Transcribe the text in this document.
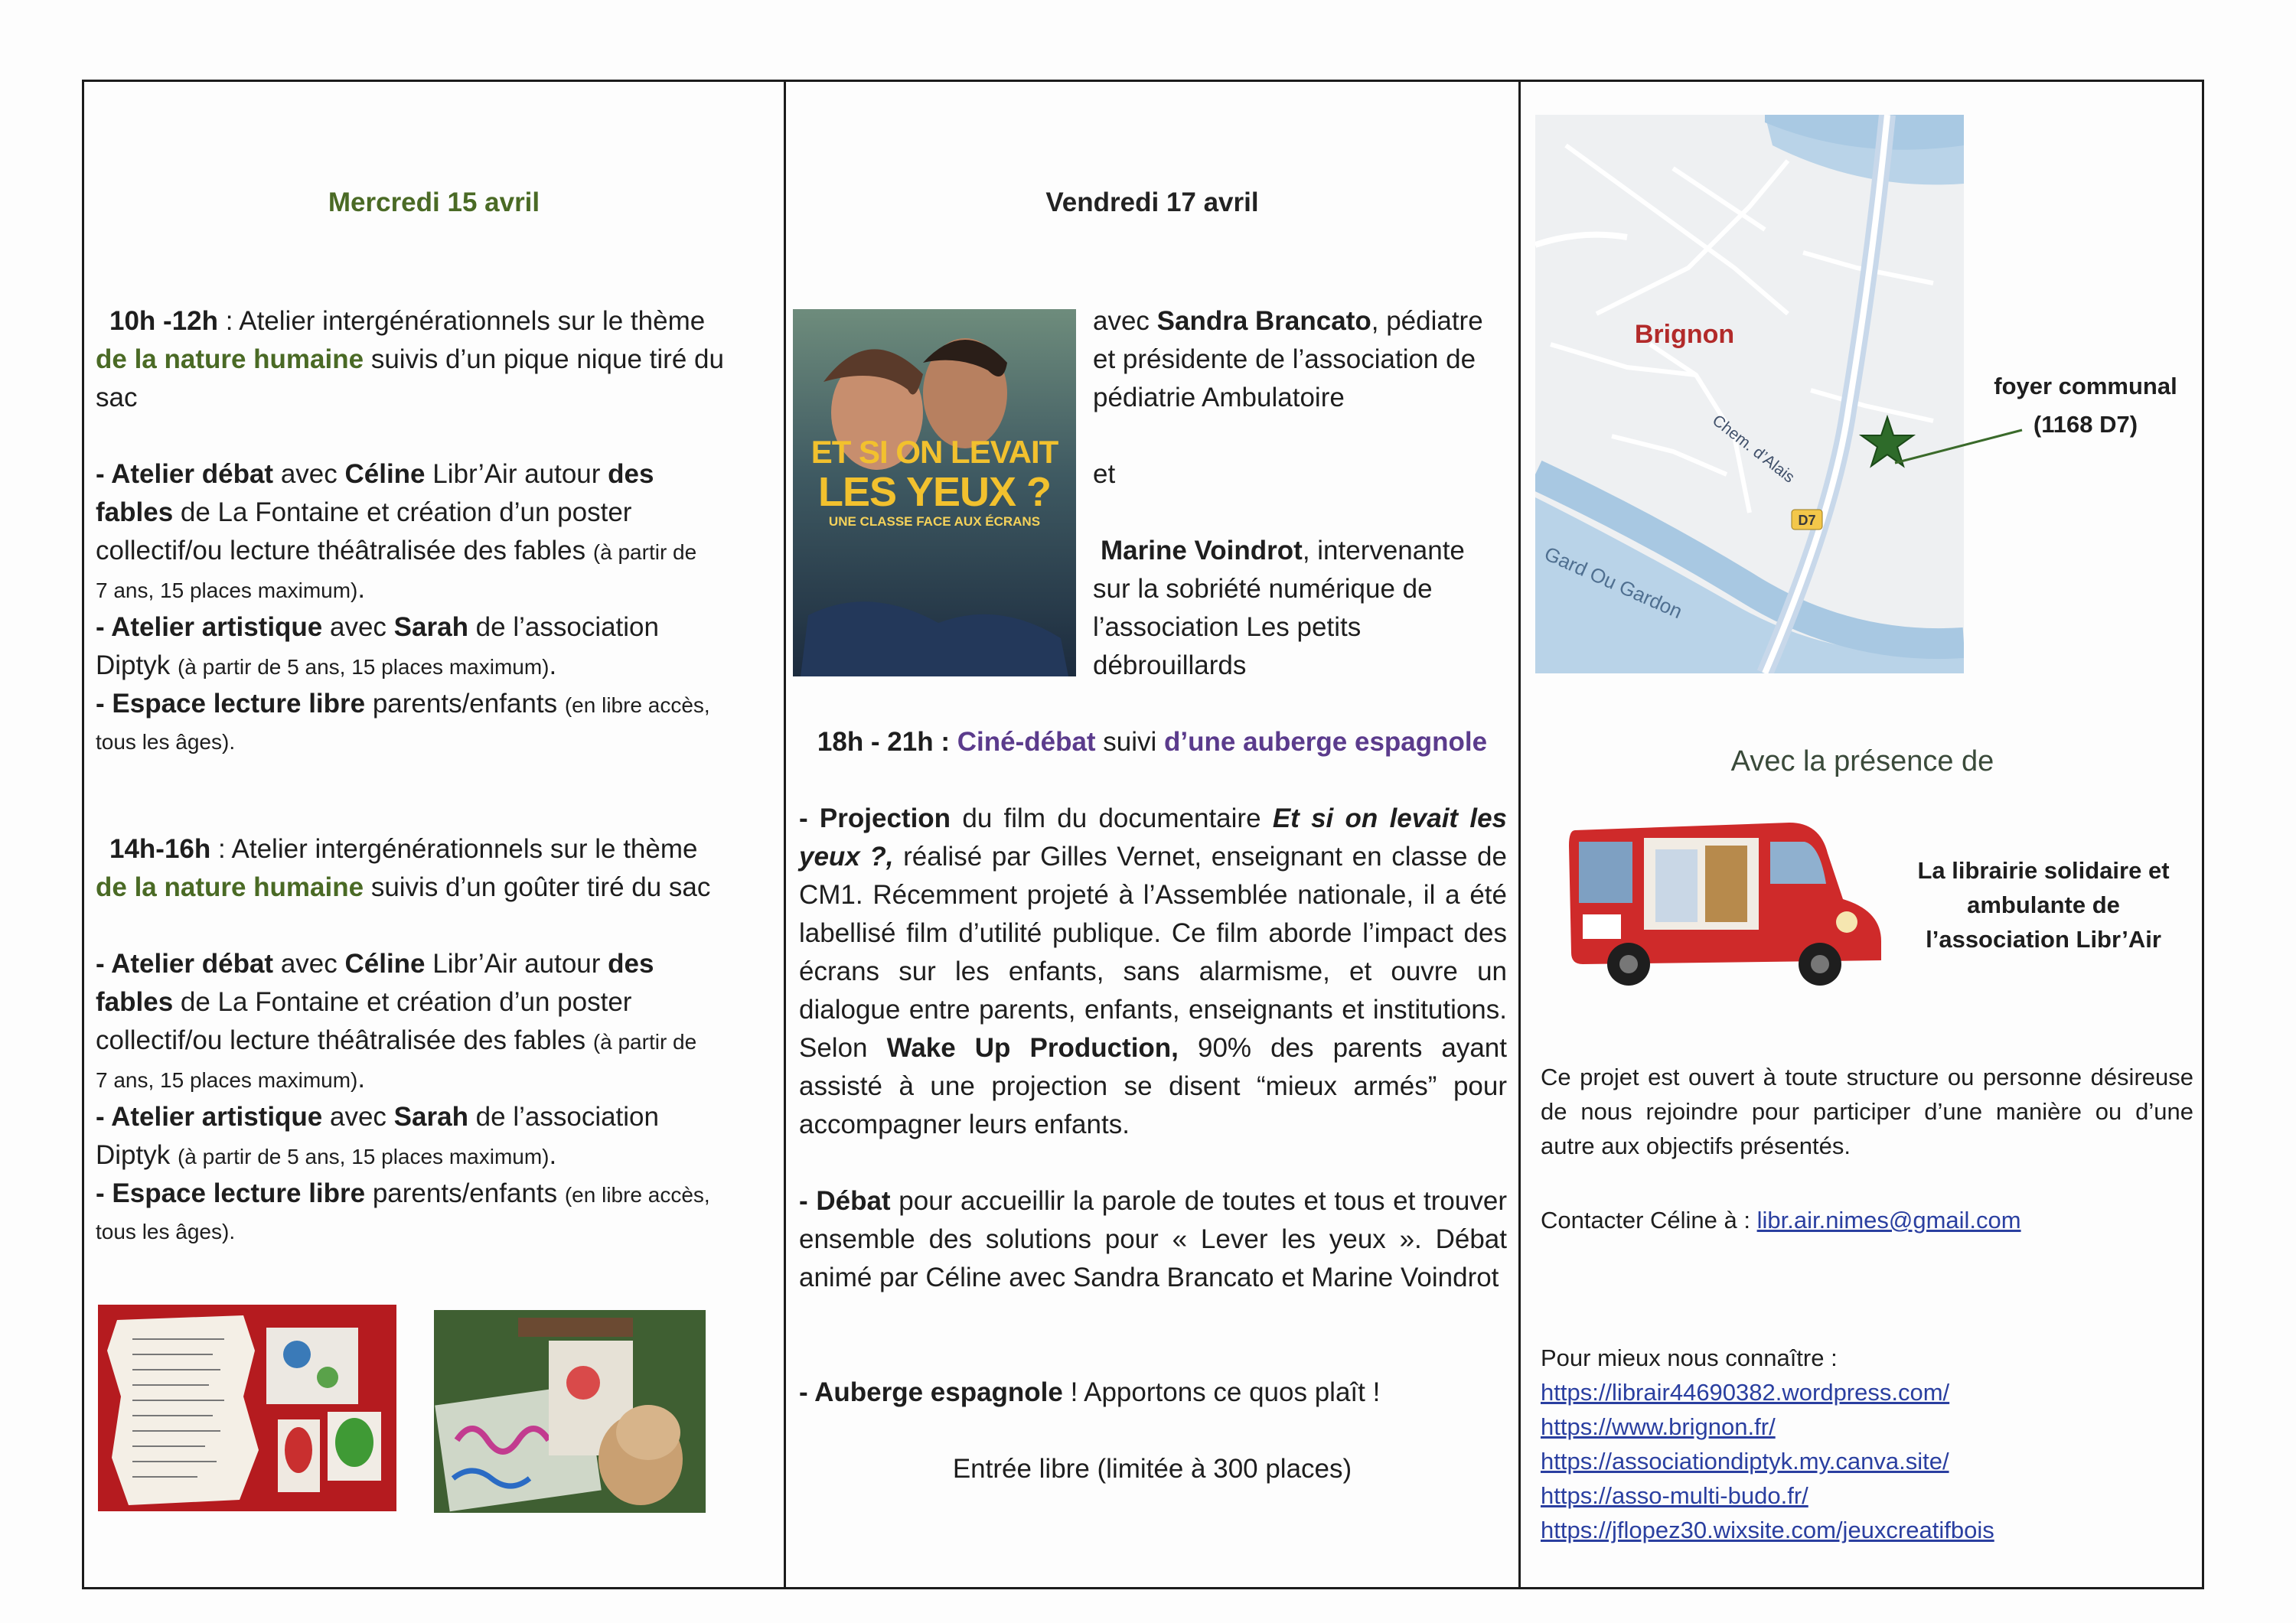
Mercredi 15 avril
10h -12h : Atelier intergénérationnels sur le thème
de la nature humaine suivis d’un pique nique tiré du
sac
- Atelier débat avec Céline Libr’Air autour des
fables de La Fontaine et création d’un poster
collectif/ou lecture théâtralisée des fables (à partir de
7 ans, 15 places maximum).
- Atelier artistique avec Sarah de l’association
Diptyk (à partir de 5 ans, 15 places maximum).
- Espace lecture libre parents/enfants (en libre accès,
tous les âges).
14h-16h : Atelier intergénérationnels sur le thème
de la nature humaine suivis d’un goûter tiré du sac
- Atelier débat avec Céline Libr’Air autour des
fables de La Fontaine et création d’un poster
collectif/ou lecture théâtralisée des fables (à partir de
7 ans, 15 places maximum).
- Atelier artistique avec Sarah de l’association
Diptyk (à partir de 5 ans, 15 places maximum).
- Espace lecture libre parents/enfants (en libre accès,
tous les âges).
Vendredi 17 avril
ET SI ON LEVAIT
LES YEUX ?
UNE CLASSE FACE AUX ÉCRANS
avec Sandra Brancato, pédiatre
et présidente de l’association de
pédiatrie Ambulatoire
et
Marine Voindrot, intervenante
sur la sobriété numérique de
l’association Les petits
débrouillards
18h - 21h : Ciné-débat suivi d’une auberge espagnole
- Projection du film du documentaire Et si on levait les yeux ?, réalisé par Gilles Vernet, enseignant en classe de CM1. Récemment projeté à l’Assemblée nationale, il a été labellisé film d’utilité publique. Ce film aborde l’impact des écrans sur les enfants, sans alarmisme, et ouvre un dialogue entre parents, enfants, enseignants et institutions. Selon Wake Up Production, 90% des parents ayant assisté à une projection se disent “mieux armés” pour accompagner leurs enfants.
- Débat pour accueillir la parole de toutes et tous et trouver ensemble des solutions pour « Lever les yeux ». Débat animé par Céline avec Sandra Brancato et Marine Voindrot
- Auberge espagnole ! Apportons ce quos plaît !
Entrée libre (limitée à 300 places)
D7
Brignon
Chem. d’Alais
Gard Ou Gardon
foyer communal
(1168 D7)
Avec la présence de
La librairie solidaire et
ambulante de
l’association Libr’Air
Ce projet est ouvert à toute structure ou personne désireuse de nous rejoindre pour participer d’une manière ou d’une autre aux objectifs présentés.
Contacter Céline à : libr.air.nimes@gmail.com
Pour mieux nous connaître :
https://librair44690382.wordpress.com/
https://www.brignon.fr/
https://associationdiptyk.my.canva.site/
https://asso-multi-budo.fr/
https://jflopez30.wixsite.com/jeuxcreatifbois
